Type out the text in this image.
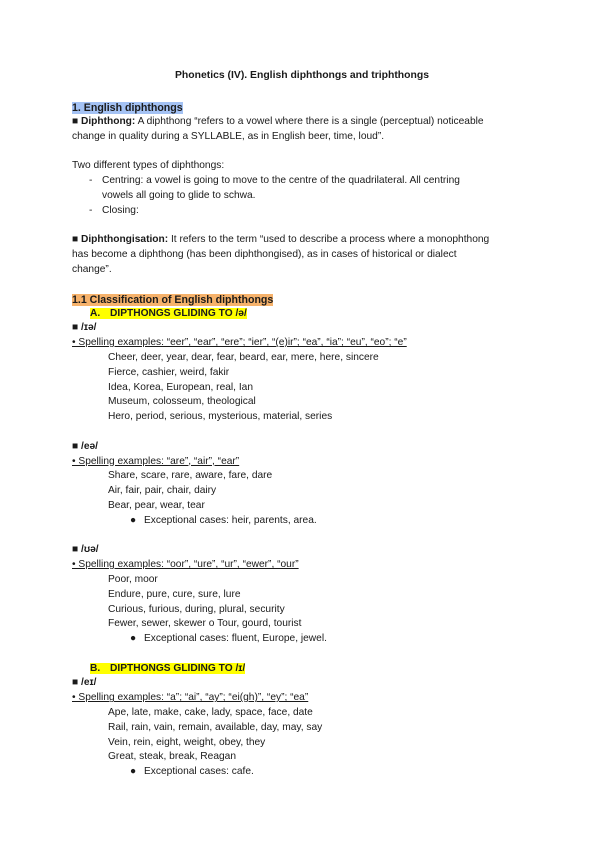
Phonetics (IV). English diphthongs and triphthongs
1. English diphthongs
■ Diphthong: A diphthong “refers to a vowel where there is a single (perceptual) noticeable
change in quality during a SYLLABLE, as in English beer, time, loud”.
Two different types of diphthongs:
- Centring: a vowel is going to move to the centre of the quadrilateral. All centring
vowels all going to glide to schwa.
- Closing:
■ Diphthongisation: It refers to the term “used to describe a process where a monophthong
has become a diphthong (has been diphthongised), as in cases of historical or dialect
change”.
1.1 Classification of English diphthongs
A. DIPTHONGS GLIDING TO /ə/
■ /ɪə/
• Spelling examples: “eer”, “ear”, “ere”; “ier”, “(e)ir”; “ea”, “ia”; “eu”, “eo”; “e”
Cheer, deer, year, dear, fear, beard, ear, mere, here, sincere
Fierce, cashier, weird, fakir
Idea, Korea, European, real, Ian
Museum, colosseum, theological
Hero, period, serious, mysterious, material, series
■ /eə/
• Spelling examples: “are”, “air”, “ear”
Share, scare, rare, aware, fare, dare
Air, fair, pair, chair, dairy
Bear, pear, wear, tear
● Exceptional cases: heir, parents, area.
■ /ʊə/
• Spelling examples: “oor”, “ure”, “ur”, “ewer”, “our”
Poor, moor
Endure, pure, cure, sure, lure
Curious, furious, during, plural, security
Fewer, sewer, skewer o Tour, gourd, tourist
● Exceptional cases: fluent, Europe, jewel.
B. DIPTHONGS GLIDING TO /ɪ/
■ /eɪ/
• Spelling examples: “a”; “ai”, “ay”; “ei(gh)”, “ey”; “ea”
Ape, late, make, cake, lady, space, face, date
Rail, rain, vain, remain, available, day, may, say
Vein, rein, eight, weight, obey, they
Great, steak, break, Reagan
● Exceptional cases: cafe.
